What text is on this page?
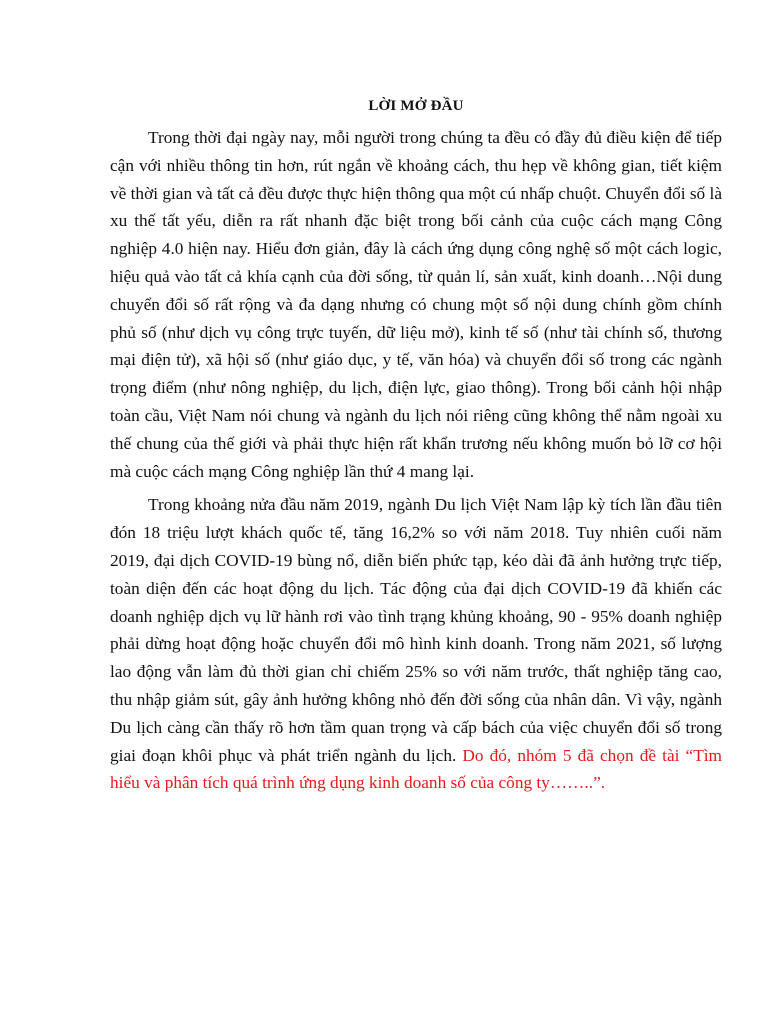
LỜI MỞ ĐẦU

Trong thời đại ngày nay, mỗi người trong chúng ta đều có đầy đủ điều kiện để tiếp cận với nhiều thông tin hơn, rút ngắn về khoảng cách, thu hẹp về không gian, tiết kiệm về thời gian và tất cả đều được thực hiện thông qua một cú nhấp chuột. Chuyển đổi số là xu thế tất yếu, diễn ra rất nhanh đặc biệt trong bối cảnh của cuộc cách mạng Công nghiệp 4.0 hiện nay. Hiểu đơn giản, đây là cách ứng dụng công nghệ số một cách logic, hiệu quả vào tất cả khía cạnh của đời sống, từ quản lí, sản xuất, kinh doanh…Nội dung chuyển đổi số rất rộng và đa dạng nhưng có chung một số nội dung chính gồm chính phủ số (như dịch vụ công trực tuyến, dữ liệu mở), kinh tế số (như tài chính số, thương mại điện tử), xã hội số (như giáo dục, y tế, văn hóa) và chuyển đổi số trong các ngành trọng điểm (như nông nghiệp, du lịch, điện lực, giao thông). Trong bối cảnh hội nhập toàn cầu, Việt Nam nói chung và ngành du lịch nói riêng cũng không thể nằm ngoài xu thế chung của thế giới và phải thực hiện rất khẩn trương nếu không muốn bỏ lỡ cơ hội mà cuộc cách mạng Công nghiệp lần thứ 4 mang lại.

Trong khoảng nửa đầu năm 2019, ngành Du lịch Việt Nam lập kỳ tích lần đầu tiên đón 18 triệu lượt khách quốc tế, tăng 16,2% so với năm 2018. Tuy nhiên cuối năm 2019, đại dịch COVID-19 bùng nổ, diễn biến phức tạp, kéo dài đã ảnh hưởng trực tiếp, toàn diện đến các hoạt động du lịch. Tác động của đại dịch COVID-19 đã khiến các doanh nghiệp dịch vụ lữ hành rơi vào tình trạng khủng khoảng, 90 - 95% doanh nghiệp phải dừng hoạt động hoặc chuyển đổi mô hình kinh doanh. Trong năm 2021, số lượng lao động vẫn làm đủ thời gian chỉ chiếm 25% so với năm trước, thất nghiệp tăng cao, thu nhập giảm sút, gây ảnh hưởng không nhỏ đến đời sống của nhân dân. Vì vậy, ngành Du lịch càng cần thấy rõ hơn tầm quan trọng và cấp bách của việc chuyển đổi số trong giai đoạn khôi phục và phát triển ngành du lịch. Do đó, nhóm 5 đã chọn đề tài “Tìm hiểu và phân tích quá trình ứng dụng kinh doanh số của công ty……..”.
